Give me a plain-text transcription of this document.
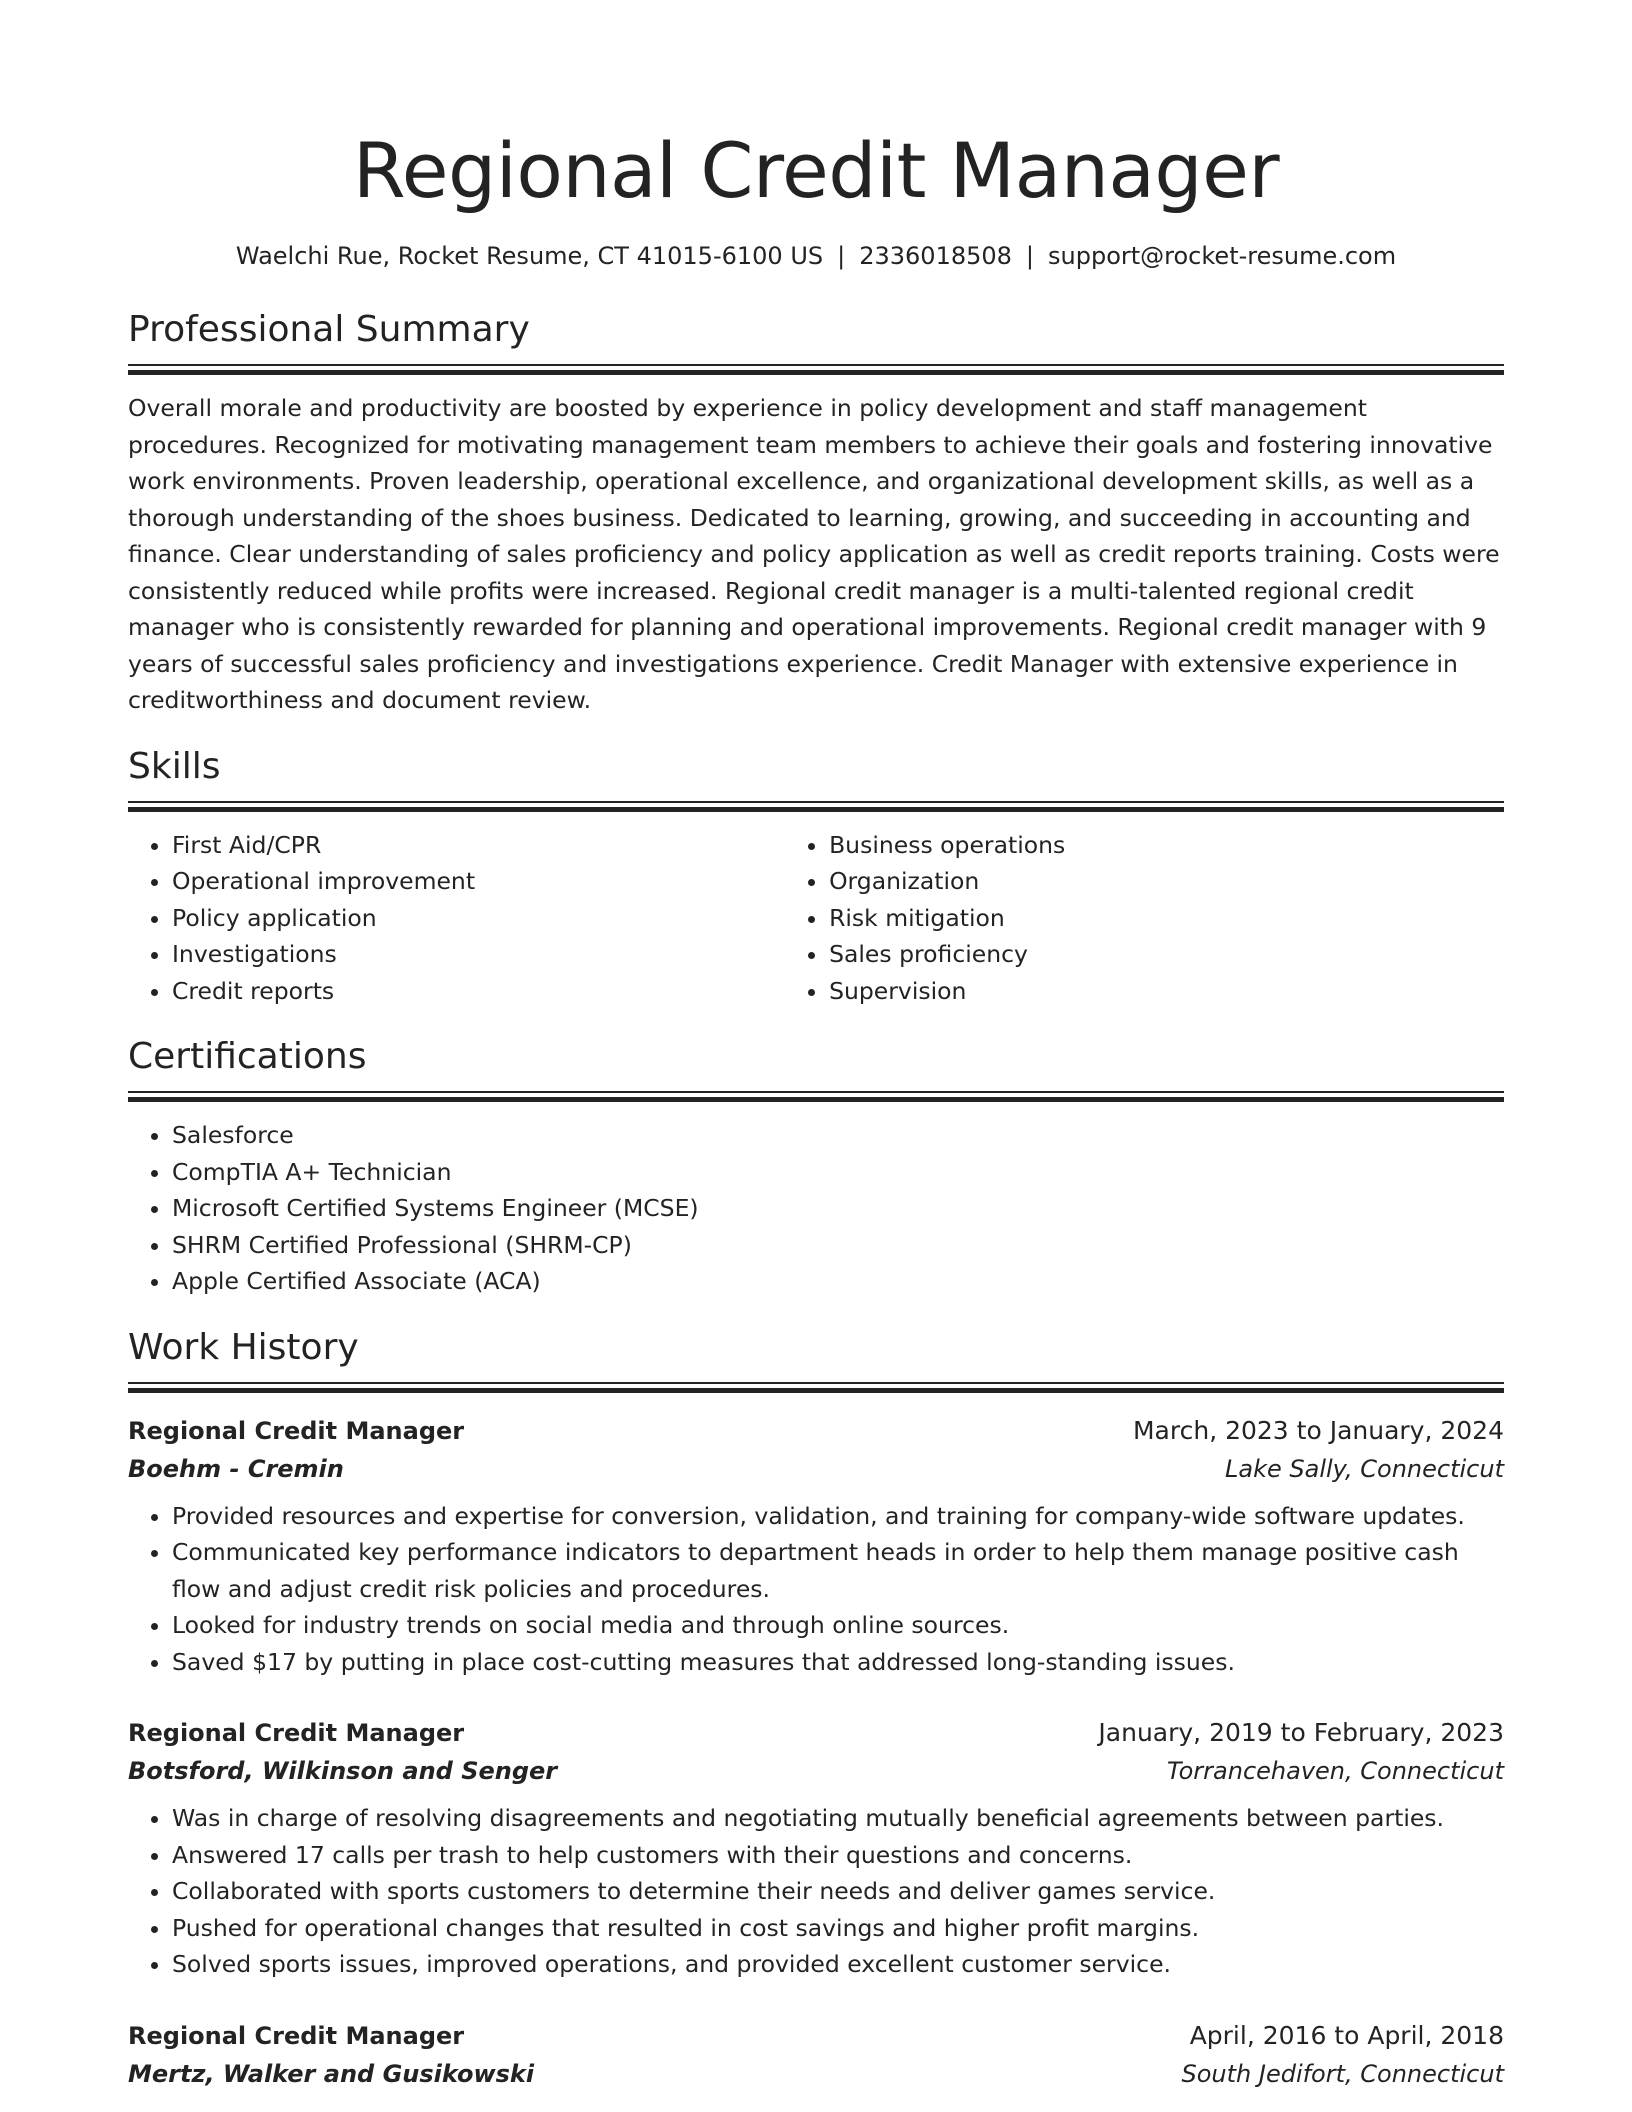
Regional Credit Manager
Waelchi Rue, Rocket Resume, CT 41015-6100 US | 2336018508 | support@rocket-resume.com
Professional Summary

Overall morale and productivity are boosted by experience in policy development and staff management procedures. Recognized for motivating management team members to achieve their goals and fostering innovative work environments. Proven leadership, operational excellence, and organizational development skills, as well as a thorough understanding of the shoes business. Dedicated to learning, growing, and succeeding in accounting and finance. Clear understanding of sales proficiency and policy application as well as credit reports training. Costs were consistently reduced while profits were increased. Regional credit manager is a multi-talented regional credit manager who is consistently rewarded for planning and operational improvements. Regional credit manager with 9 years of successful sales proficiency and investigations experience. Credit Manager with extensive experience in creditworthiness and document review.

Skills
• First Aid/CPR
• Operational improvement
• Policy application
• Investigations
• Credit reports
• Business operations
• Organization
• Risk mitigation
• Sales proficiency
• Supervision
Certifications
• Salesforce
• CompTIA A+ Technician
• Microsoft Certified Systems Engineer (MCSE)
• SHRM Certified Professional (SHRM-CP)
• Apple Certified Associate (ACA)
Work History
Regional Credit Manager	March, 2023 to January, 2024
Boehm - Cremin	Lake Sally, Connecticut
• Provided resources and expertise for conversion, validation, and training for company-wide software updates.
• Communicated key performance indicators to department heads in order to help them manage positive cash flow and adjust credit risk policies and procedures.
• Looked for industry trends on social media and through online sources.
• Saved $17 by putting in place cost-cutting measures that addressed long-standing issues.
Regional Credit Manager	January, 2019 to February, 2023
Botsford, Wilkinson and Senger	Torrancehaven, Connecticut
• Was in charge of resolving disagreements and negotiating mutually beneficial agreements between parties.
• Answered 17 calls per trash to help customers with their questions and concerns.
• Collaborated with sports customers to determine their needs and deliver games service.
• Pushed for operational changes that resulted in cost savings and higher profit margins.
• Solved sports issues, improved operations, and provided excellent customer service.
Regional Credit Manager	April, 2016 to April, 2018
Mertz, Walker and Gusikowski	South Jedifort, Connecticut
